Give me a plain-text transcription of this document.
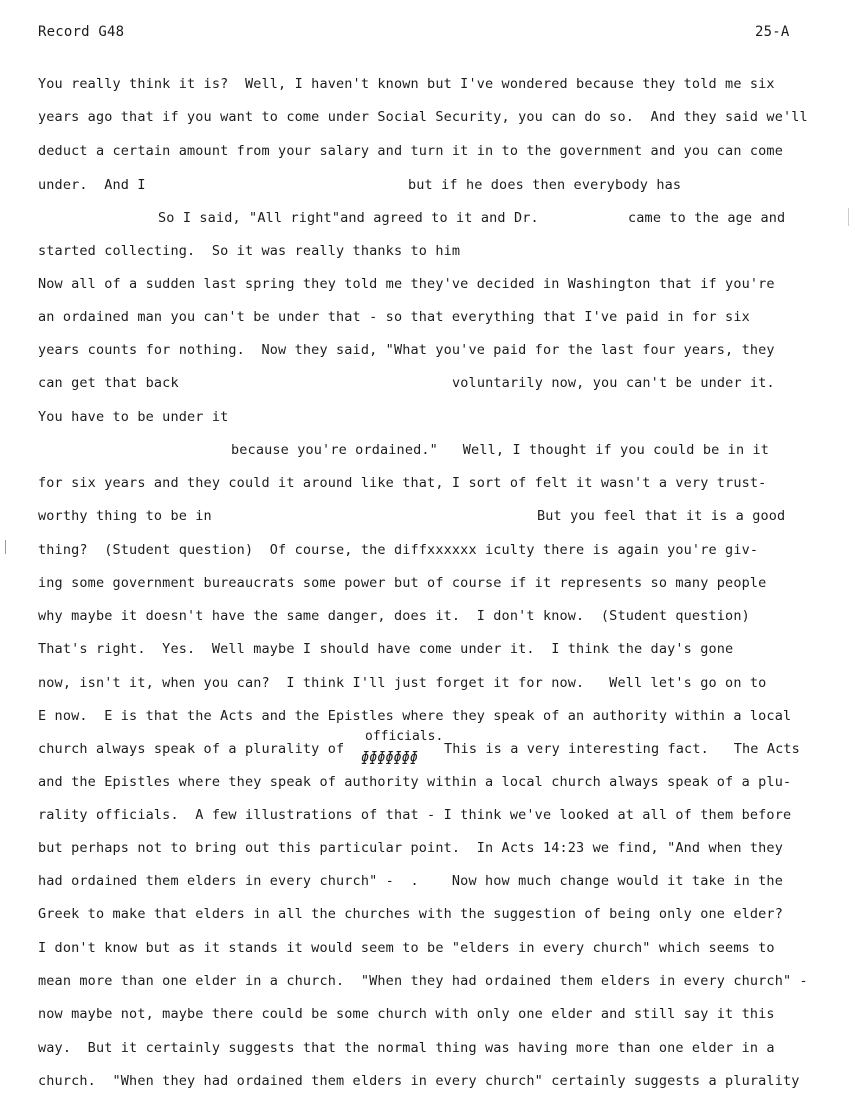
Record G48	25-A
You really think it is?  Well, I haven't known but I've wondered because they told me six
years ago that if you want to come under Social Security, you can do so.  And they said we'll
deduct a certain amount from your salary and turn it in to the government and you can come
under.  And I	but if he does then everybody has
So I said, "All right"and agreed to it and Dr.	came to the age and
started collecting.  So it was really thanks to him
Now all of a sudden last spring they told me they've decided in Washington that if you're
an ordained man you can't be under that - so that everything that I've paid in for six
years counts for nothing.  Now they said, "What you've paid for the last four years, they
can get that back	voluntarily now, you can't be under it.
You have to be under it
because you're ordained."   Well, I thought if you could be in it
for six years and they could it around like that, I sort of felt it wasn't a very trust-
worthy thing to be in	But you feel that it is a good
thing?  (Student question)  Of course, the diffxxxxxx iculty there is again you're giv-
ing some government bureaucrats some power but of course if it represents so many people
why maybe it doesn't have the same danger, does it.  I don't know.  (Student question)
That's right.  Yes.  Well maybe I should have come under it.  I think the day's gone
now, isn't it, when you can?  I think I'll just forget it for now.   Well let's go on to
E now.  E is that the Acts and the Epistles where they speak of an authority within a local
church always speak of a plurality of	This is a very interesting fact.   The Acts
and the Epistles where they speak of authority within a local church always speak of a plu-
rality officials.  A few illustrations of that - I think we've looked at all of them before
but perhaps not to bring out this particular point.  In Acts 14:23 we find, "And when they
had ordained them elders in every church" -  .    Now how much change would it take in the
Greek to make that elders in all the churches with the suggestion of being only one elder?
I don't know but as it stands it would seem to be "elders in every church" which seems to
mean more than one elder in a church.  "When they had ordained them elders in every church" -
now maybe not, maybe there could be some church with only one elder and still say it this
way.  But it certainly suggests that the normal thing was having more than one elder in a
church.  "When they had ordained them elders in every church" certainly suggests a plurality
officials.
ɸɸɸɸɸɸɸ
